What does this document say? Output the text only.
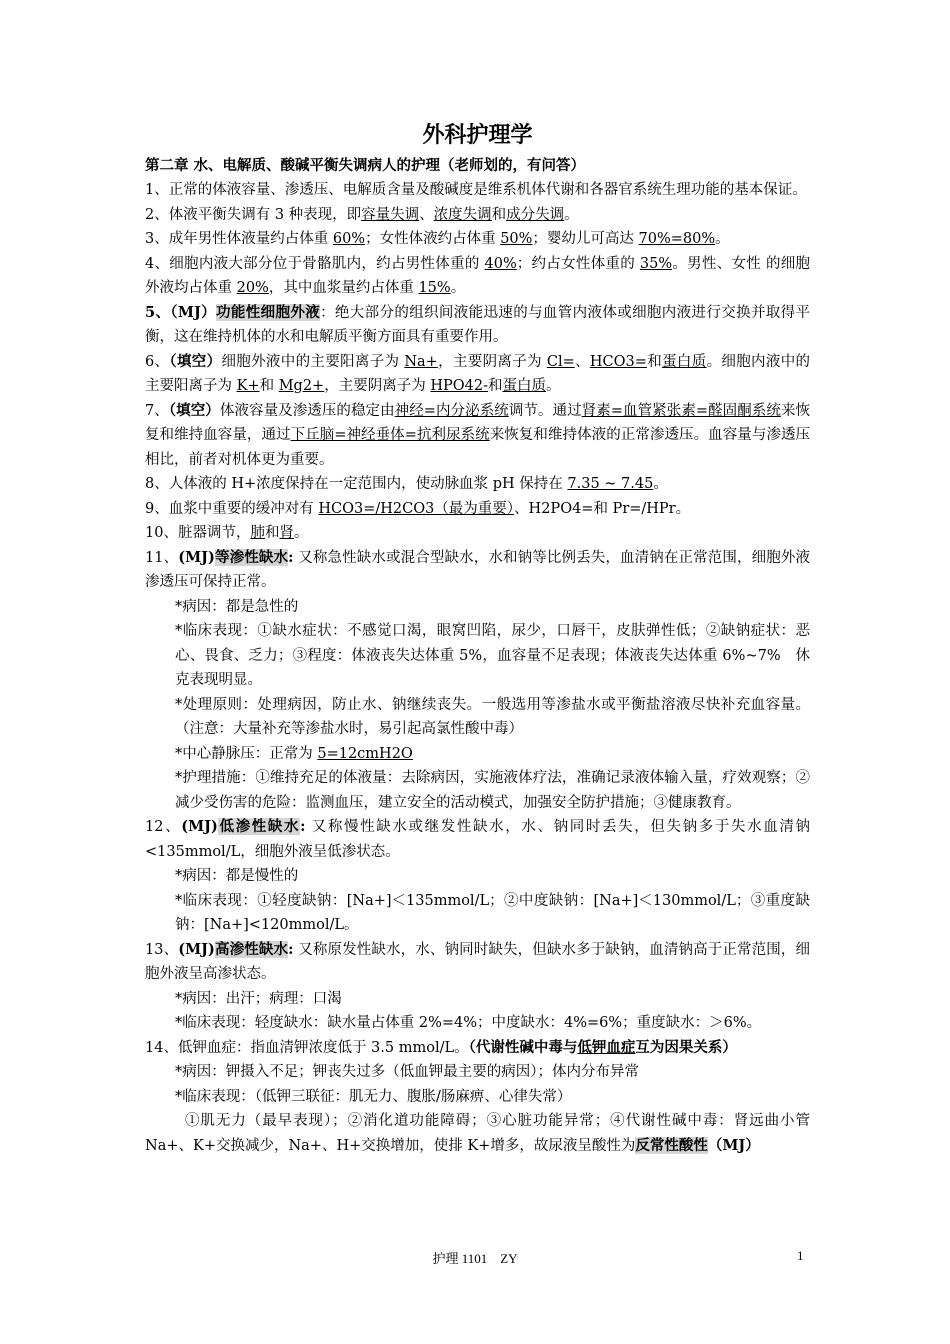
外科护理学
第二章 水、电解质、酸碱平衡失调病人的护理（老师划的，有问答）

1、正常的体液容量、渗透压、电解质含量及酸碱度是维系机体代谢和各器官系统生理功能的基本保证。

2、体液平衡失调有 3 种表现，即容量失调、浓度失调和成分失调。

3、成年男性体液量约占体重 60%；女性体液约占体重 50%；婴幼儿可高达 70%=80%。

4、细胞内液大部分位于骨骼肌内，约占男性体重的 40%；约占女性体重的 35%。男性、女性 的细胞外液均占体重 20%，其中血浆量约占体重 15%。

5、（MJ）功能性细胞外液：绝大部分的组织间液能迅速的与血管内液体或细胞内液进行交换并取得平衡，这在维持机体的水和电解质平衡方面具有重要作用。

6、（填空）细胞外液中的主要阳离子为 Na+，主要阴离子为 Cl=、HCO3=和蛋白质。细胞内液中的主要阳离子为 K+和 Mg2+，主要阴离子为 HPO42-和蛋白质。

7、（填空）体液容量及渗透压的稳定由神经=内分泌系统调节。通过肾素=血管紧张素=醛固酮系统来恢复和维持血容量，通过下丘脑=神经垂体=抗利尿系统来恢复和维持体液的正常渗透压。血容量与渗透压相比，前者对机体更为重要。

8、人体液的 H+浓度保持在一定范围内，使动脉血浆 pH 保持在 7.35 ~ 7.45。

9、血浆中重要的缓冲对有 HCO3=/H2CO3（最为重要）、H2PO4=和 Pr=/HPr。

10、脏器调节，肺和肾。

11、(MJ)等渗性缺水: 又称急性缺水或混合型缺水，水和钠等比例丢失，血清钠在正常范围，细胞外液渗透压可保持正常。

*病因：都是急性的

*临床表现：①缺水症状：不感觉口渴，眼窝凹陷，尿少，口唇干，皮肤弹性低；②缺钠症状：恶心、畏食、乏力；③程度：体液丧失达体重 5%，血容量不足表现；体液丧失达体重 6%~7%　休克表现明显。

*处理原则：处理病因，防止水、钠继续丧失。一般选用等渗盐水或平衡盐溶液尽快补充血容量。（注意：大量补充等渗盐水时，易引起高氯性酸中毒）

*中心静脉压：正常为 5=12cmH2O

*护理措施：①维持充足的体液量：去除病因，实施液体疗法，准确记录液体输入量，疗效观察；②减少受伤害的危险：监测血压，建立安全的活动模式，加强安全防护措施；③健康教育。

12、(MJ)低渗性缺水: 又称慢性缺水或继发性缺水，水、钠同时丢失，但失钠多于失水血清钠<135mmol/L，细胞外液呈低渗状态。

*病因：都是慢性的

*临床表现：①轻度缺钠：[Na+]＜135mmol/L；②中度缺钠：[Na+]＜130mmol/L；③重度缺钠：[Na+]<120mmol/L。

13、(MJ)高渗性缺水: 又称原发性缺水，水、钠同时缺失，但缺水多于缺钠，血清钠高于正常范围，细胞外液呈高渗状态。

*病因：出汗；病理：口渴

*临床表现：轻度缺水：缺水量占体重 2%=4%；中度缺水：4%=6%；重度缺水：＞6%。

14、低钾血症：指血清钾浓度低于 3.5 mmol/L。（代谢性碱中毒与低钾血症互为因果关系）

*病因：钾摄入不足；钾丧失过多（低血钾最主要的病因）；体内分布异常

*临床表现：（低钾三联征：肌无力、腹胀/肠麻痹、心律失常）

①肌无力（最早表现）；②消化道功能障碍；③心脏功能异常；④代谢性碱中毒：肾远曲小管 Na+、K+交换减少，Na+、H+交换增加，使排 K+增多，故尿液呈酸性为反常性酸性（MJ）

护理 1101　ZY	1
